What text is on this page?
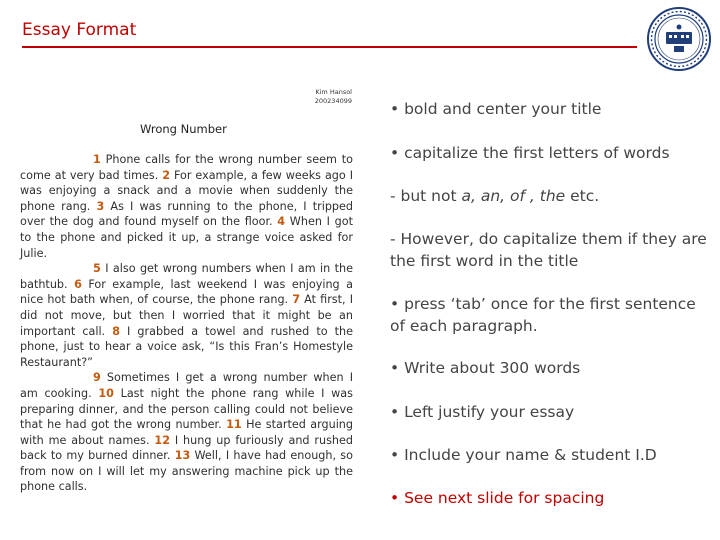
Essay Format
Kim Hansol
200234099
Wrong Number

1 Phone calls for the wrong number seem to come at very bad times. 2 For example, a few weeks ago I was enjoying a snack and a movie when suddenly the phone rang. 3 As I was running to the phone, I tripped over the dog and found myself on the floor. 4 When I got to the phone and picked it up, a strange voice asked for Julie.

5 I also get wrong numbers when I am in the bathtub. 6 For example, last weekend I was enjoying a nice hot bath when, of course, the phone rang. 7 At first, I did not move, but then I worried that it might be an important call. 8 I grabbed a towel and rushed to the phone, just to hear a voice ask, “Is this Fran’s Homestyle Restaurant?”

9 Sometimes I get a wrong number when I am cooking. 10 Last night the phone rang while I was preparing dinner, and the person calling could not believe that he had got the wrong number. 11 He started arguing with me about names. 12 I hung up furiously and rushed back to my burned dinner. 13 Well, I have had enough, so from now on I will let my answering machine pick up the phone calls.

• bold and center your title
• capitalize the first letters of words
- but not a, an, of , the etc.
- However, do capitalize them if they are the first word in the title
• press ‘tab’ once for the first sentence of each paragraph.
• Write about 300 words
• Left justify your essay
• Include your name & student I.D
• See next slide for spacing
